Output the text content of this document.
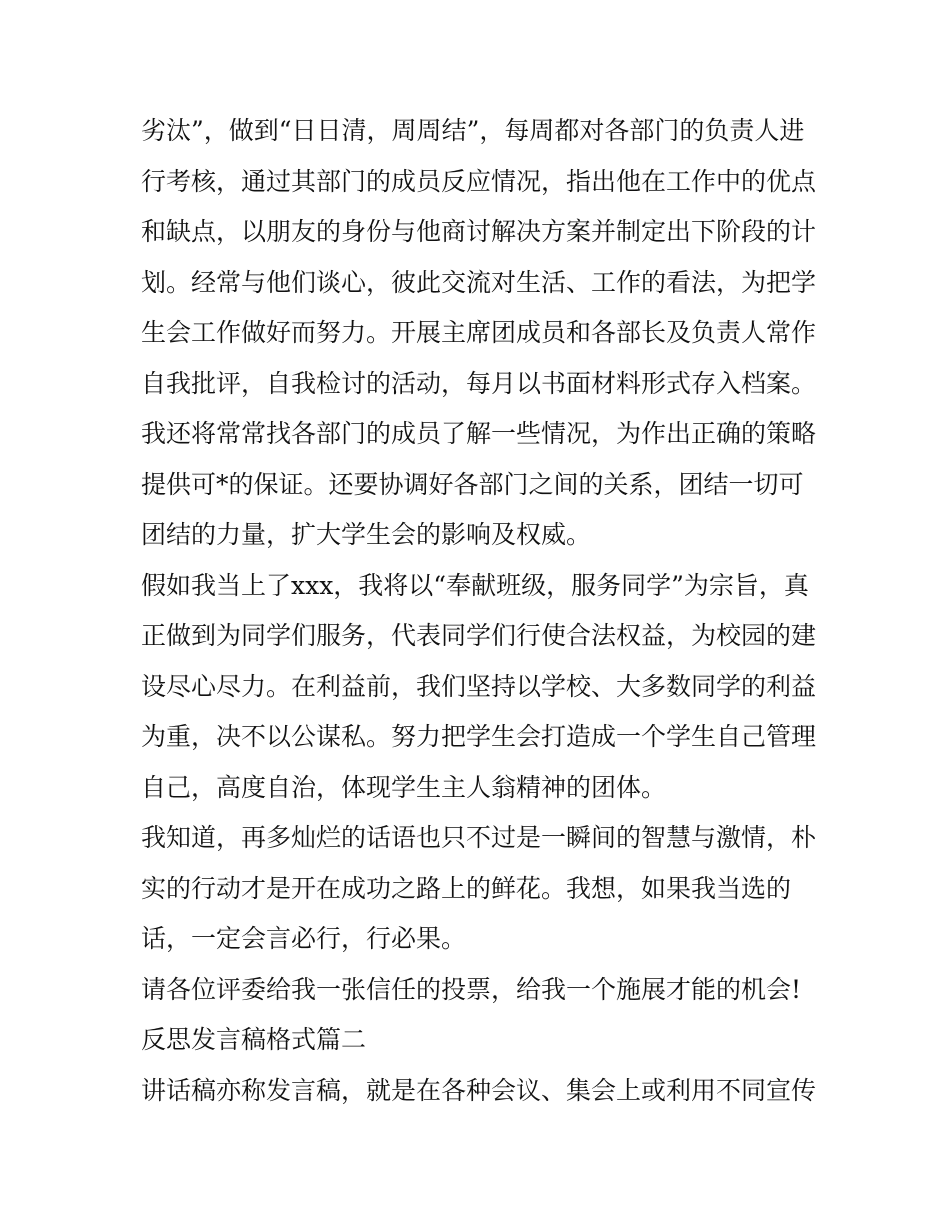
劣汰”，做到“日日清，周周结”，每周都对各部门的负责人进
行考核，通过其部门的成员反应情况，指出他在工作中的优点
和缺点，以朋友的身份与他商讨解决方案并制定出下阶段的计
划。经常与他们谈心，彼此交流对生活、工作的看法，为把学
生会工作做好而努力。开展主席团成员和各部长及负责人常作
自我批评，自我检讨的活动，每月以书面材料形式存入档案。
我还将常常找各部门的成员了解一些情况，为作出正确的策略
提供可*的保证。还要协调好各部门之间的关系，团结一切可
团结的力量，扩大学生会的影响及权威。
假如我当上了xxx，我将以“奉献班级，服务同学”为宗旨，真
正做到为同学们服务，代表同学们行使合法权益，为校园的建
设尽心尽力。在利益前，我们坚持以学校、大多数同学的利益
为重，决不以公谋私。努力把学生会打造成一个学生自己管理
自己，高度自治，体现学生主人翁精神的团体。
我知道，再多灿烂的话语也只不过是一瞬间的智慧与激情，朴
实的行动才是开在成功之路上的鲜花。我想，如果我当选的
话，一定会言必行，行必果。
请各位评委给我一张信任的投票，给我一个施展才能的机会!
反思发言稿格式篇二
讲话稿亦称发言稿，就是在各种会议、集会上或利用不同宣传
